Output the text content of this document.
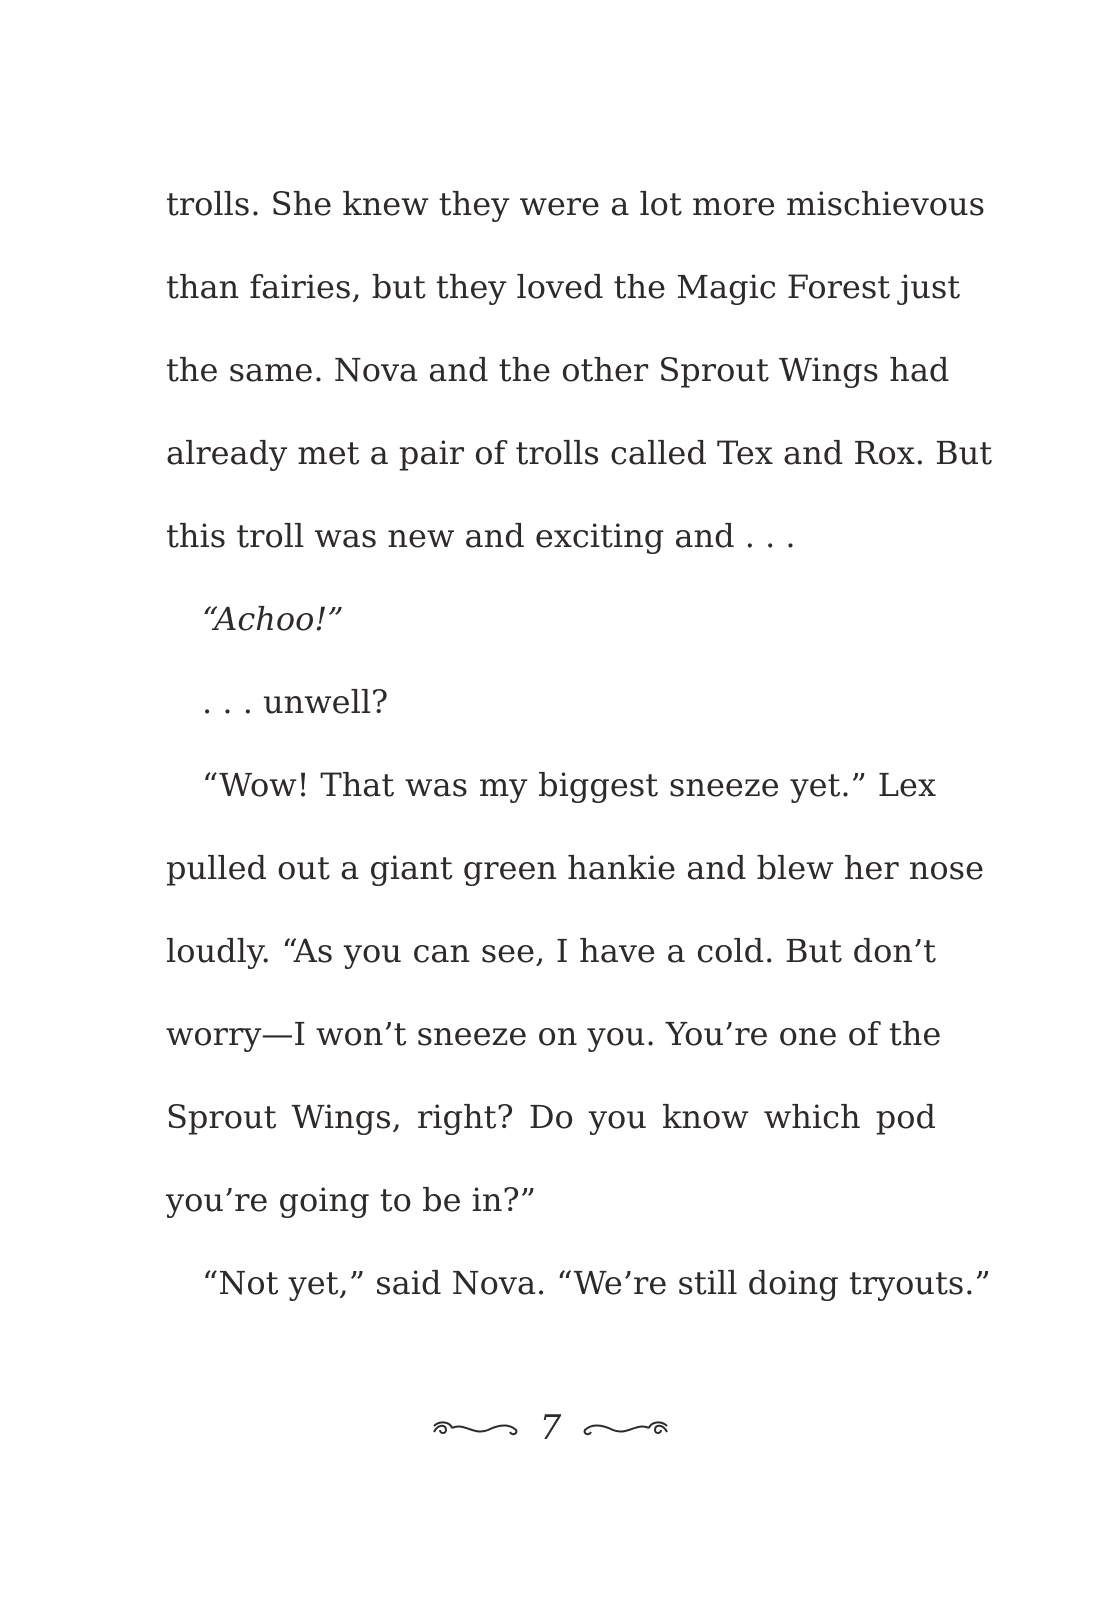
trolls. She knew they were a lot more mischievous
than fairies, but they loved the Magic Forest just
the same. Nova and the other Sprout Wings had
already met a pair of trolls called Tex and Rox. But
this troll was new and exciting and . . .
“Achoo!”
. . . unwell?
“Wow! That was my biggest sneeze yet.” Lex
pulled out a giant green hankie and blew her nose
loudly. “As you can see, I have a cold. But don’t
worry—I won’t sneeze on you. You’re one of the
Sprout Wings, right? Do you know which pod
you’re going to be in?”
“Not yet,” said Nova. “We’re still doing tryouts.”
7
